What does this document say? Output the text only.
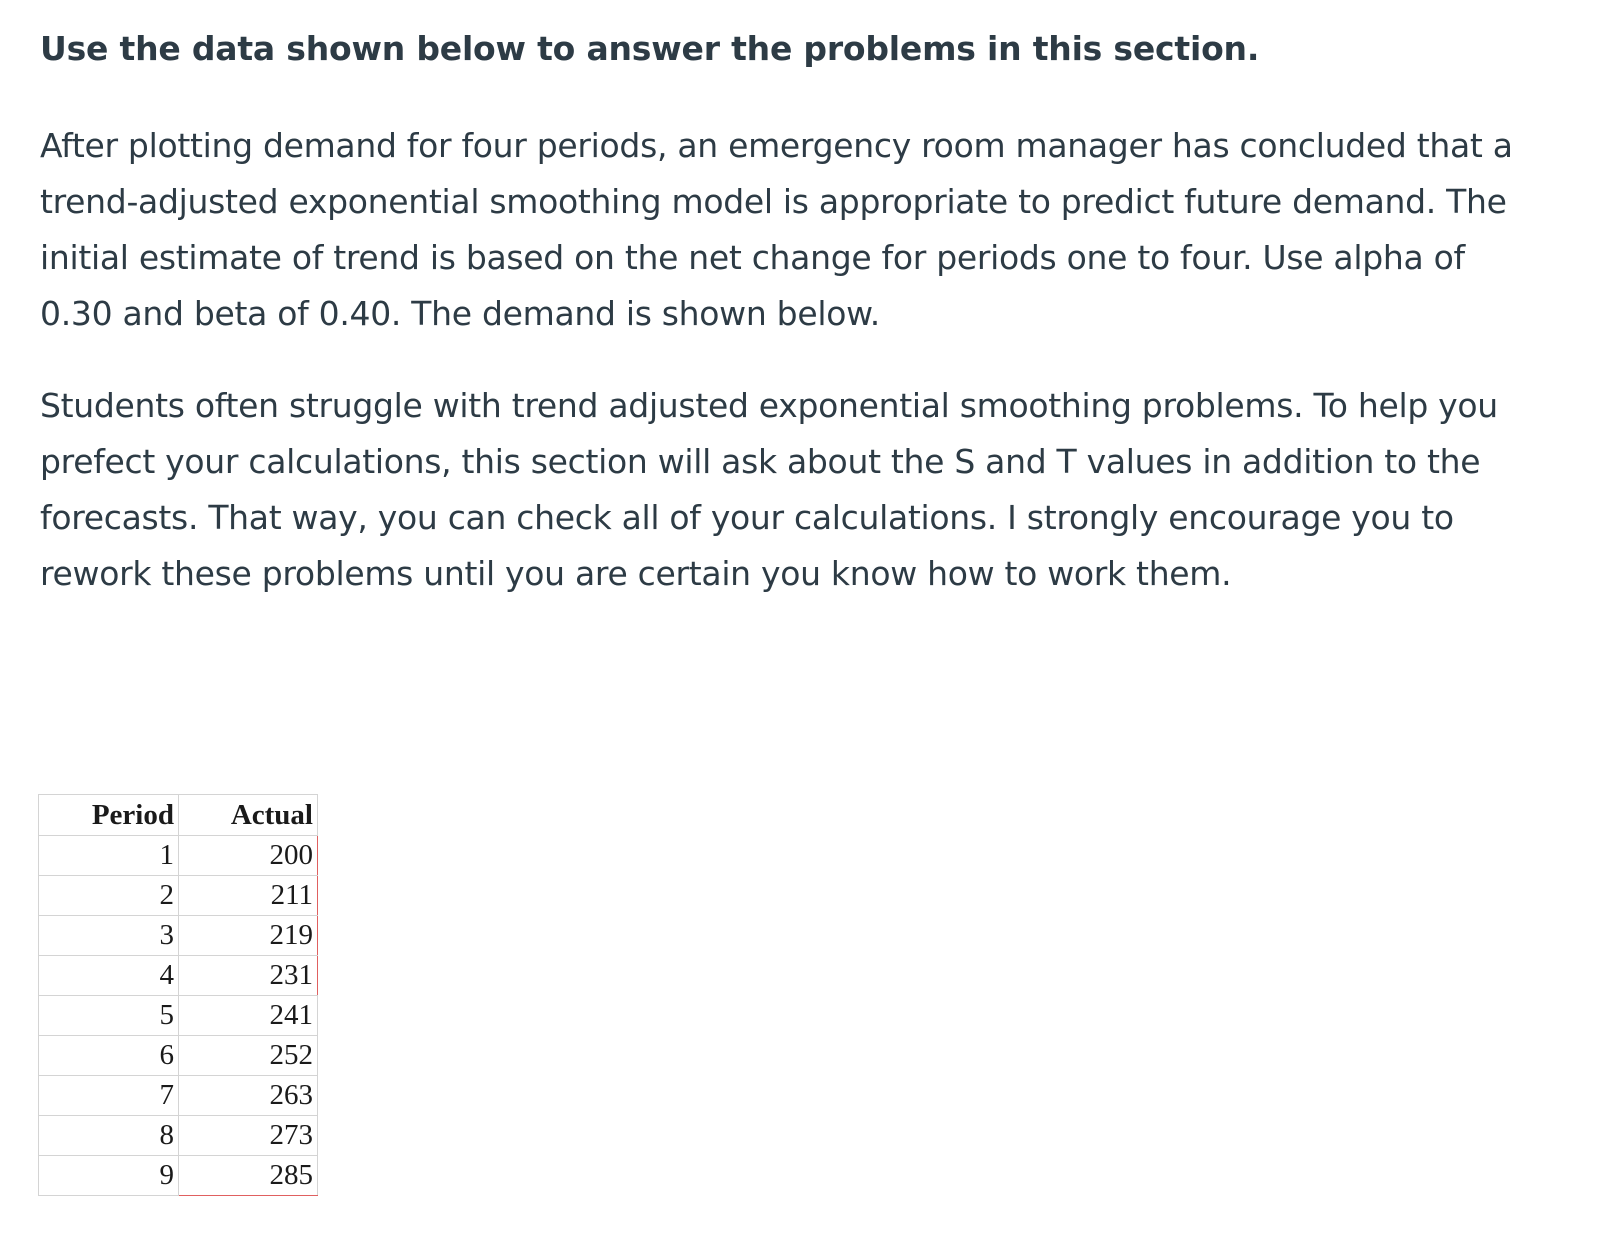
Use the data shown below to answer the problems in this section.

After plotting demand for four periods, an emergency room manager has concluded that a trend-adjusted exponential smoothing model is appropriate to predict future demand. The initial estimate of trend is based on the net change for periods one to four. Use alpha of 0.30 and beta of 0.40. The demand is shown below.

Students often struggle with trend adjusted exponential smoothing problems. To help you prefect your calculations, this section will ask about the S and T values in addition to the forecasts. That way, you can check all of your calculations. I strongly encourage you to rework these problems until you are certain you know how to work them.

Period	Actual
1	200
2	211
3	219
4	231
5	241
6	252
7	263
8	273
9	285
